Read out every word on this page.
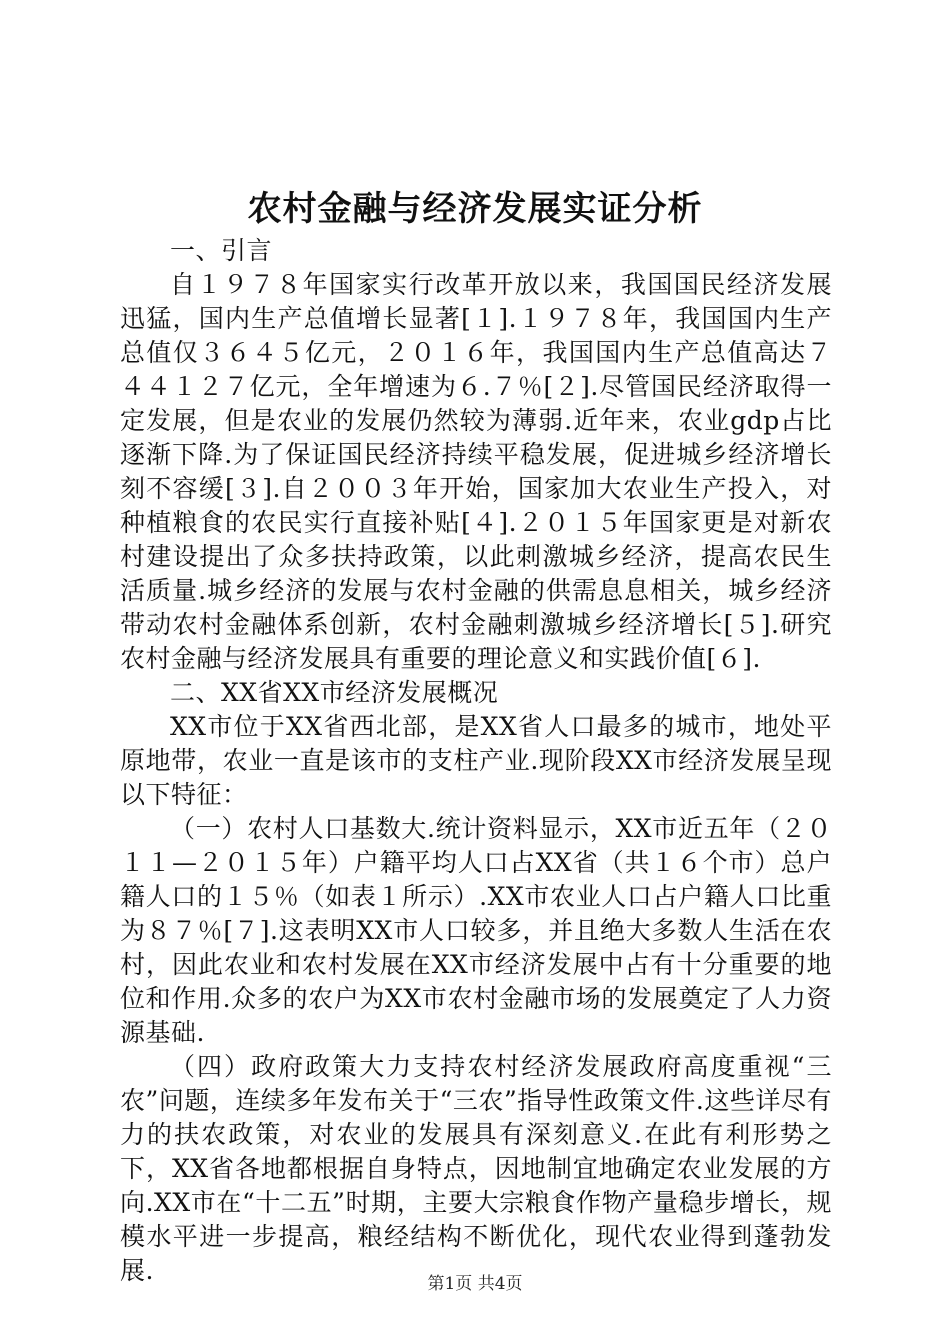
农村金融与经济发展实证分析

一、引言

自１９７８年国家实行改革开放以来，我国国民经济发展迅猛，国内生产总值增长显著[１].１９７８年，我国国内生产总值仅３６４５亿元，２０１６年，我国国内生产总值高达７４４１２７亿元，全年增速为６.７％[２].尽管国民经济取得一定发展，但是农业的发展仍然较为薄弱.近年来，农业gdp占比逐渐下降.为了保证国民经济持续平稳发展，促进城乡经济增长刻不容缓[３].自２００３年开始，国家加大农业生产投入，对种植粮食的农民实行直接补贴[４].２０１５年国家更是对新农村建设提出了众多扶持政策，以此刺激城乡经济，提高农民生活质量.城乡经济的发展与农村金融的供需息息相关，城乡经济带动农村金融体系创新，农村金融刺激城乡经济增长[５].研究农村金融与经济发展具有重要的理论意义和实践价值[６].

二、XX省XX市经济发展概况

XX市位于XX省西北部，是XX省人口最多的城市，地处平原地带，农业一直是该市的支柱产业.现阶段XX市经济发展呈现以下特征：

（一）农村人口基数大.统计资料显示，XX市近五年（２０１１—２０１５年）户籍平均人口占XX省（共１６个市）总户籍人口的１５％（如表１所示）.XX市农业人口占户籍人口比重为８７％[７].这表明XX市人口较多，并且绝大多数人生活在农村，因此农业和农村发展在XX市经济发展中占有十分重要的地位和作用.众多的农户为XX市农村金融市场的发展奠定了人力资源基础.

（四）政府政策大力支持农村经济发展政府高度重视“三农”问题，连续多年发布关于“三农”指导性政策文件.这些详尽有力的扶农政策，对农业的发展具有深刻意义.在此有利形势之下，XX省各地都根据自身特点，因地制宜地确定农业发展的方向.XX市在“十二五”时期，主要大宗粮食作物产量稳步增长，规模水平进一步提高，粮经结构不断优化，现代农业得到蓬勃发展.	第1页 共4页
